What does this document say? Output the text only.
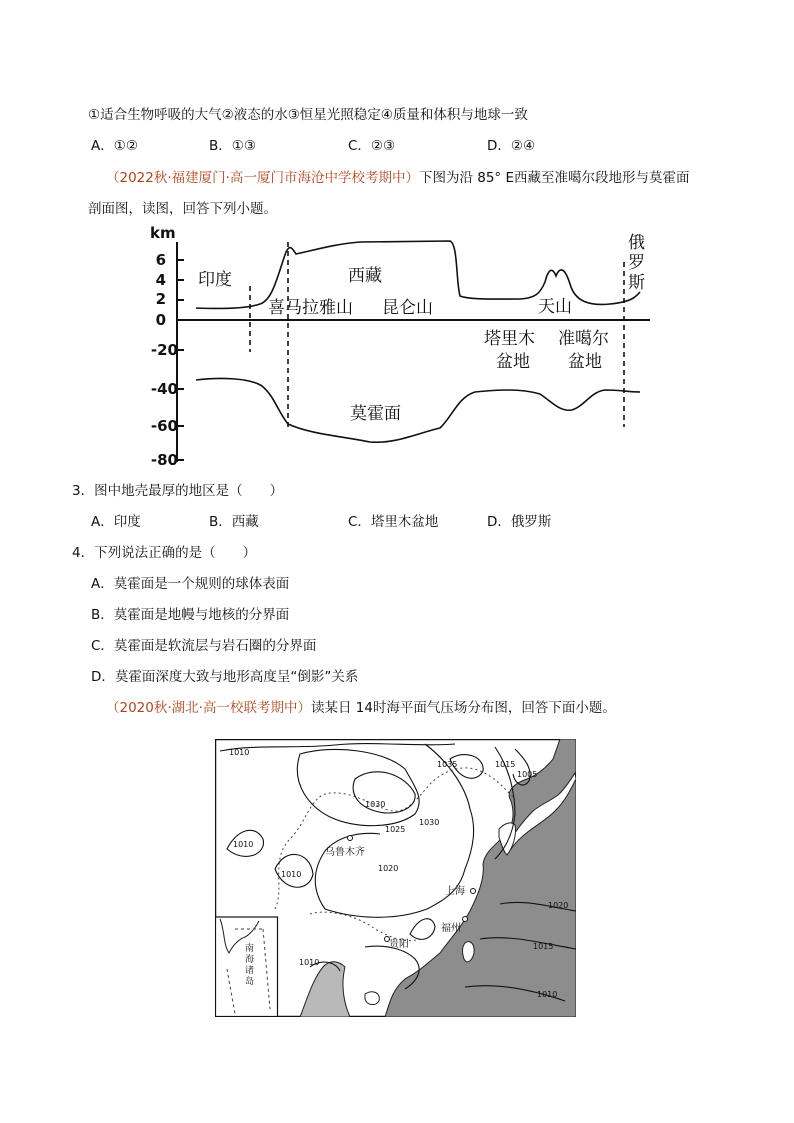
①适合生物呼吸的大气②液态的水③恒星光照稳定④质量和体积与地球一致
A．①②	B．①③	C．②③	D．②④
（2022秋·福建厦门·高一厦门市海沧中学校考期中）下图为沿 85° E西藏至准噶尔段地形与莫霍面
剖面图，读图，回答下列小题。
km
6
4
2
0
-20
-40
-60
-80
印度	西藏
喜马拉雅山 昆仑山	天山
俄
罗
斯
塔里木
盆地
准噶尔
盆地
莫霍面
3．图中地壳最厚的地区是（　　）
A．印度	B．西藏	C．塔里木盆地	D．俄罗斯
4．下列说法正确的是（　　）
A．莫霍面是一个规则的球体表面
B．莫霍面是地幔与地核的分界面
C．莫霍面是软流层与岩石圈的分界面
D．莫霍面深度大致与地形高度呈“倒影”关系
（2020秋·湖北·高一校联考期中）读某日 14时海平面气压场分布图，回答下面小题。
南
海
诸
岛
1010
1035	1015
1005
1030
1025
1030
1010
1010
1020
1020
1015
1010
1010
乌鲁木齐
上海
福州
贵阳
